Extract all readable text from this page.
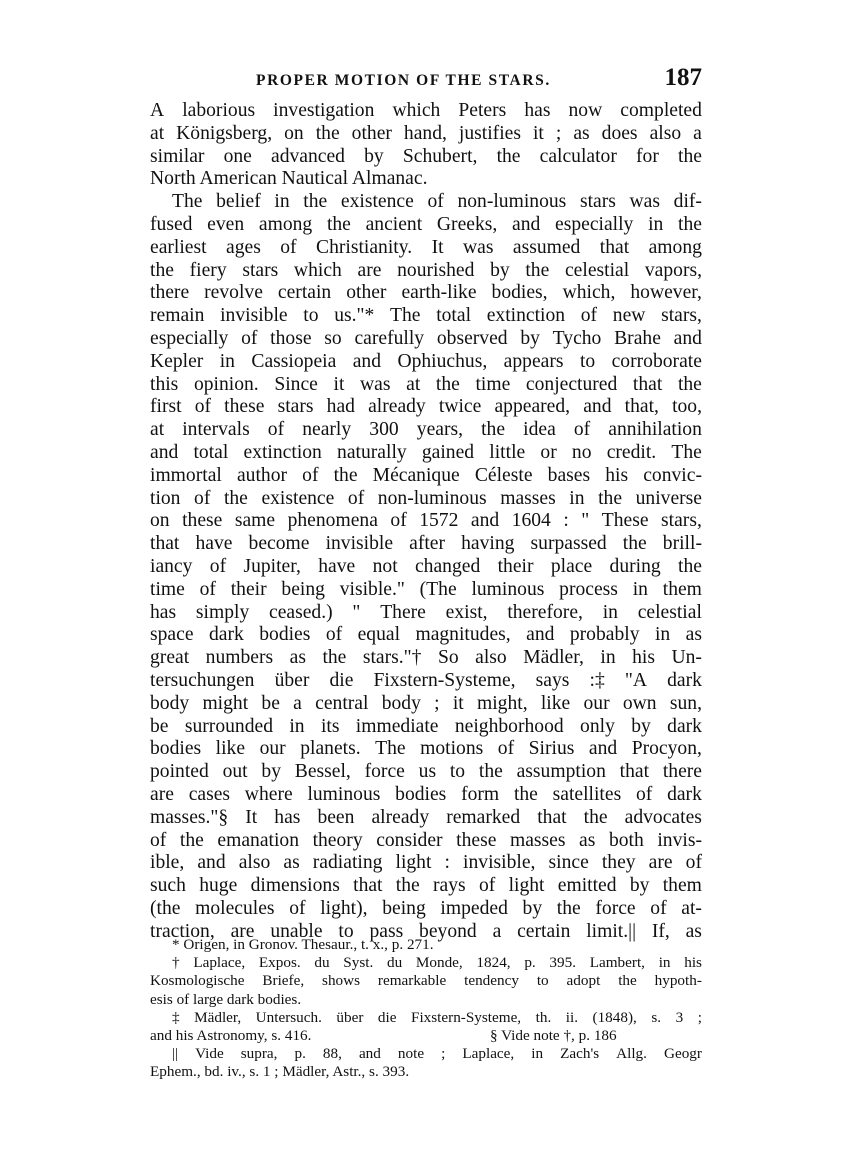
PROPER MOTION OF THE STARS.	187
A laborious investigation which Peters has now completed
at Königsberg, on the other hand, justifies it ; as does also a
similar one advanced by Schubert, the calculator for the
North American Nautical Almanac.
The belief in the existence of non-luminous stars was dif-
fused even among the ancient Greeks, and especially in the
earliest ages of Christianity. It was assumed that among
the fiery stars which are nourished by the celestial vapors,
there revolve certain other earth-like bodies, which, however,
remain invisible to us."* The total extinction of new stars,
especially of those so carefully observed by Tycho Brahe and
Kepler in Cassiopeia and Ophiuchus, appears to corroborate
this opinion. Since it was at the time conjectured that the
first of these stars had already twice appeared, and that, too,
at intervals of nearly 300 years, the idea of annihilation
and total extinction naturally gained little or no credit. The
immortal author of the Mécanique Céleste bases his convic-
tion of the existence of non-luminous masses in the universe
on these same phenomena of 1572 and 1604 : " These stars,
that have become invisible after having surpassed the brill-
iancy of Jupiter, have not changed their place during the
time of their being visible." (The luminous process in them
has simply ceased.) " There exist, therefore, in celestial
space dark bodies of equal magnitudes, and probably in as
great numbers as the stars."† So also Mädler, in his Un-
tersuchungen über die Fixstern-Systeme, says :‡ "A dark
body might be a central body ; it might, like our own sun,
be surrounded in its immediate neighborhood only by dark
bodies like our planets. The motions of Sirius and Procyon,
pointed out by Bessel, force us to the assumption that there
are cases where luminous bodies form the satellites of dark
masses."§ It has been already remarked that the advocates
of the emanation theory consider these masses as both invis-
ible, and also as radiating light : invisible, since they are of
such huge dimensions that the rays of light emitted by them
(the molecules of light), being impeded by the force of at-
traction, are unable to pass beyond a certain limit.|| If, as
* Origen, in Gronov. Thesaur., t. x., p. 271.
† Laplace, Expos. du Syst. du Monde, 1824, p. 395. Lambert, in his
Kosmologische Briefe, shows remarkable tendency to adopt the hypoth-
esis of large dark bodies.
‡ Mädler, Untersuch. über die Fixstern-Systeme, th. ii. (1848), s. 3 ;
and his Astronomy, s. 416.	§ Vide note †, p. 186
|| Vide supra, p. 88, and note ; Laplace, in Zach's Allg. Geogr
Ephem., bd. iv., s. 1 ; Mädler, Astr., s. 393.
